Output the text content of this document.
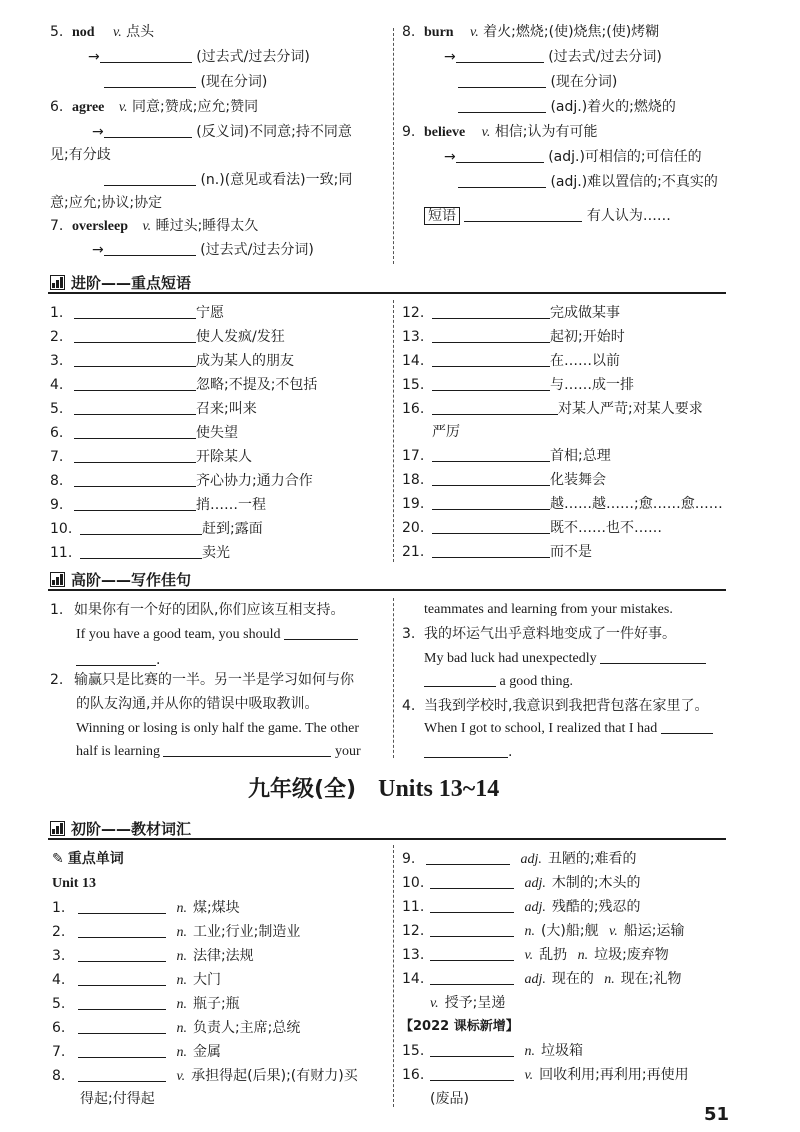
5. nod v. 点头
→	(过去式/过去分词)
(现在分词)
6. agree v. 同意;赞成;应允;赞同
→	(反义词)不同意;持不同意
见;有分歧
(n.)(意见或看法)一致;同
意;应允;协议;协定
7. oversleep v. 睡过头;睡得太久
→	(过去式/过去分词)
8. burn v. 着火;燃烧;(使)烧焦;(使)烤糊
→	(过去式/过去分词)
(现在分词)
(adj.)着火的;燃烧的
9. believe v. 相信;认为有可能
→	(adj.)可相信的;可信任的
(adj.)难以置信的;不真实的
短语	有人认为……
进阶——重点短语
1.	宁愿
2.	使人发疯/发狂
3.	成为某人的朋友
4.	忽略;不提及;不包括
5.	召来;叫来
6.	使失望
7.	开除某人
8.	齐心协力;通力合作
9.	捎……一程
10.	赶到;露面
11.	卖光
12.	完成做某事
13.	起初;开始时
14.	在……以前
15.	与……成一排
16.	对某人严苛;对某人要求
严厉
17.	首相;总理
18.	化装舞会
19.	越……越……;愈……愈……
20.	既不……也不……
21.	而不是
高阶——写作佳句
1. 如果你有一个好的团队,你们应该互相支持。
If you have a good team, you should
.
2. 输赢只是比赛的一半。另一半是学习如何与你
的队友沟通,并从你的错误中吸取教训。
Winning or losing is only half the game. The other
half is learning	your
teammates and learning from your mistakes.
3. 我的坏运气出乎意料地变成了一件好事。
My bad luck had unexpectedly
a good thing.
4. 当我到学校时,我意识到我把背包落在家里了。
When I got to school, I realized that I had
.
九年级(全) Units 13~14
初阶——教材词汇
✎ 重点单词
Unit 13
1.	n. 煤;煤块
2.	n. 工业;行业;制造业
3.	n. 法律;法规
4.	n. 大门
5.	n. 瓶子;瓶
6.	n. 负责人;主席;总统
7.	n. 金属
8.	v. 承担得起(后果);(有财力)买
得起;付得起
9.	adj. 丑陋的;难看的
10.	adj. 木制的;木头的
11.	adj. 残酷的;残忍的
12.	n. (大)船;舰 v. 船运;运输
13.	v. 乱扔 n. 垃圾;废弃物
14.	adj. 现在的 n. 现在;礼物
v. 授予;呈递
【2022 课标新增】
15.	n. 垃圾箱
16.	v. 回收利用;再利用;再使用
(废品)
51
